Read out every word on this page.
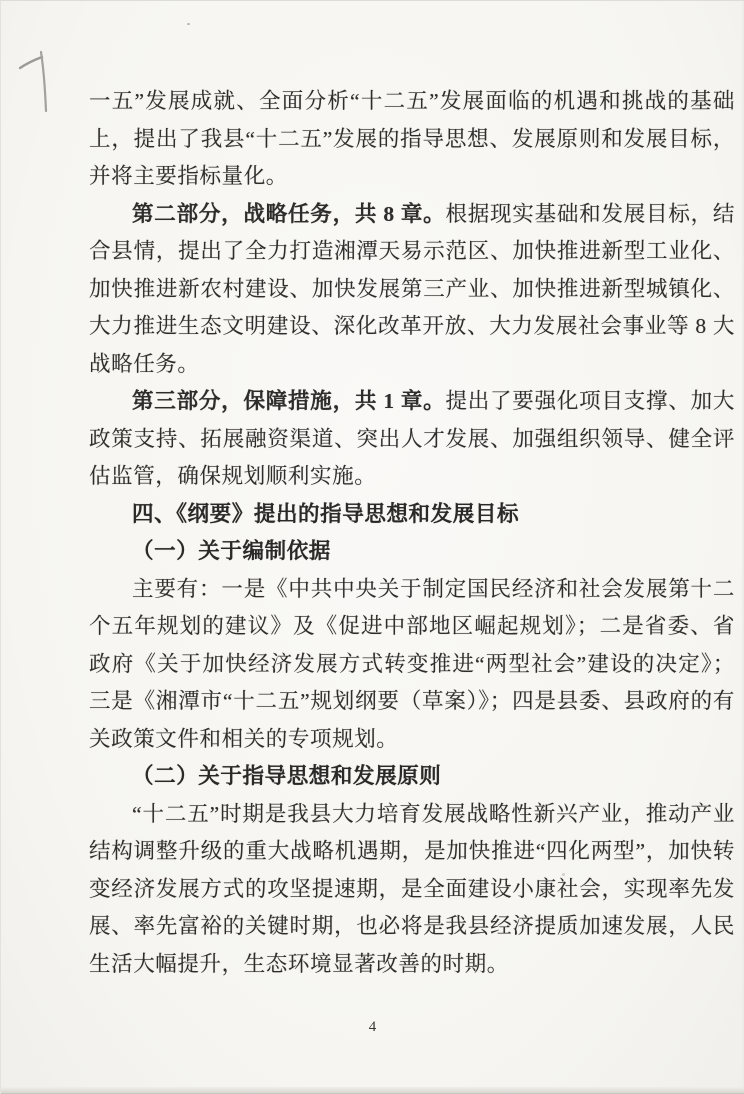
一五”发展成就、全面分析“十二五”发展面临的机遇和挑战的基础上，提出了我县“十二五”发展的指导思想、发展原则和发展目标，并将主要指标量化。

第二部分，战略任务，共 8 章。根据现实基础和发展目标，结合县情，提出了全力打造湘潭天易示范区、加快推进新型工业化、加快推进新农村建设、加快发展第三产业、加快推进新型城镇化、大力推进生态文明建设、深化改革开放、大力发展社会事业等 8 大战略任务。

第三部分，保障措施，共 1 章。提出了要强化项目支撑、加大政策支持、拓展融资渠道、突出人才发展、加强组织领导、健全评估监管，确保规划顺利实施。

四、《纲要》提出的指导思想和发展目标
（一）关于编制依据

主要有：一是《中共中央关于制定国民经济和社会发展第十二个五年规划的建议》及《促进中部地区崛起规划》；二是省委、省政府《关于加快经济发展方式转变推进“两型社会”建设的决定》；三是《湘潭市“十二五”规划纲要（草案）》；四是县委、县政府的有关政策文件和相关的专项规划。

（二）关于指导思想和发展原则

“十二五”时期是我县大力培育发展战略性新兴产业，推动产业结构调整升级的重大战略机遇期，是加快推进“四化两型”，加快转变经济发展方式的攻坚提速期，是全面建设小康社会，实现率先发展、率先富裕的关键时期，也必将是我县经济提质加速发展，人民生活大幅提升，生态环境显著改善的时期。

4
